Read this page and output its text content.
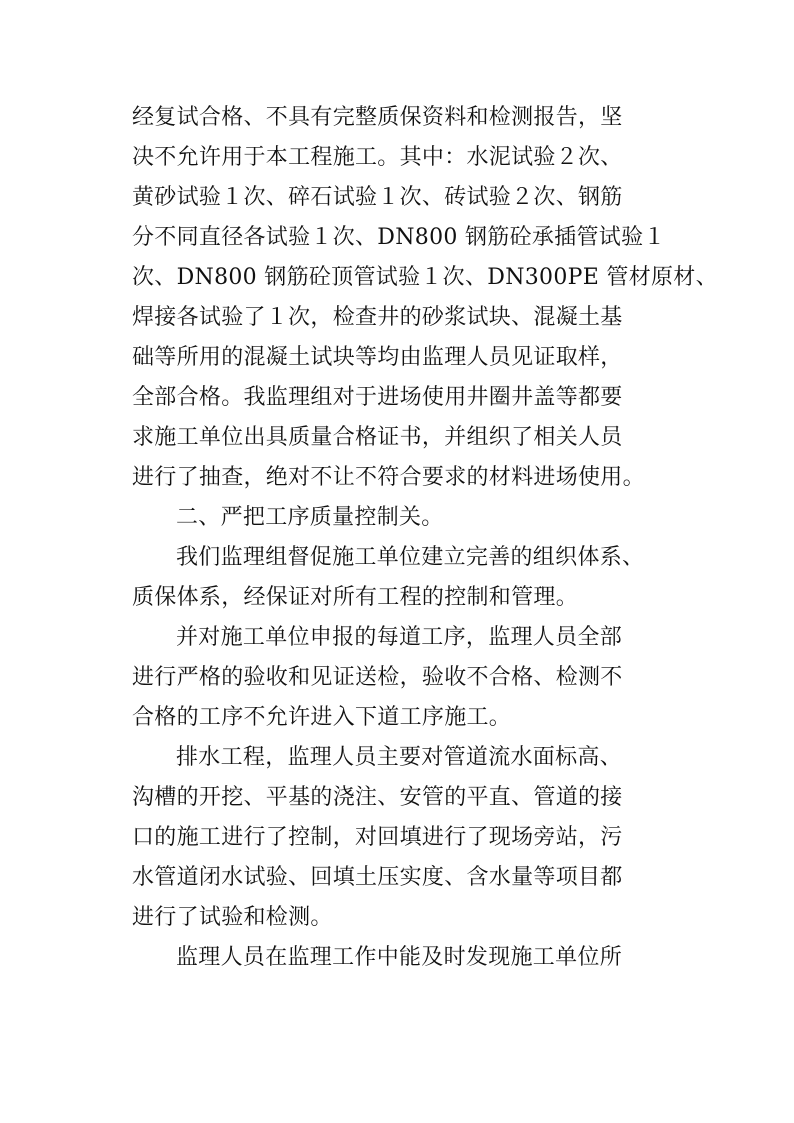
经复试合格、不具有完整质保资料和检测报告，坚
决不允许用于本工程施工。其中：水泥试验２次、
黄砂试验１次、碎石试验１次、砖试验２次、钢筋
分不同直径各试验１次、DN800 钢筋砼承插管试验１
次、DN800 钢筋砼顶管试验１次、DN300PE 管材原材、
焊接各试验了１次，检查井的砂浆试块、混凝土基
础等所用的混凝土试块等均由监理人员见证取样，
全部合格。我监理组对于进场使用井圈井盖等都要
求施工单位出具质量合格证书，并组织了相关人员
进行了抽查，绝对不让不符合要求的材料进场使用。
二、严把工序质量控制关。
我们监理组督促施工单位建立完善的组织体系、
质保体系，经保证对所有工程的控制和管理。
并对施工单位申报的每道工序，监理人员全部
进行严格的验收和见证送检，验收不合格、检测不
合格的工序不允许进入下道工序施工。
排水工程，监理人员主要对管道流水面标高、
沟槽的开挖、平基的浇注、安管的平直、管道的接
口的施工进行了控制，对回填进行了现场旁站，污
水管道闭水试验、回填土压实度、含水量等项目都
进行了试验和检测。
监理人员在监理工作中能及时发现施工单位所
